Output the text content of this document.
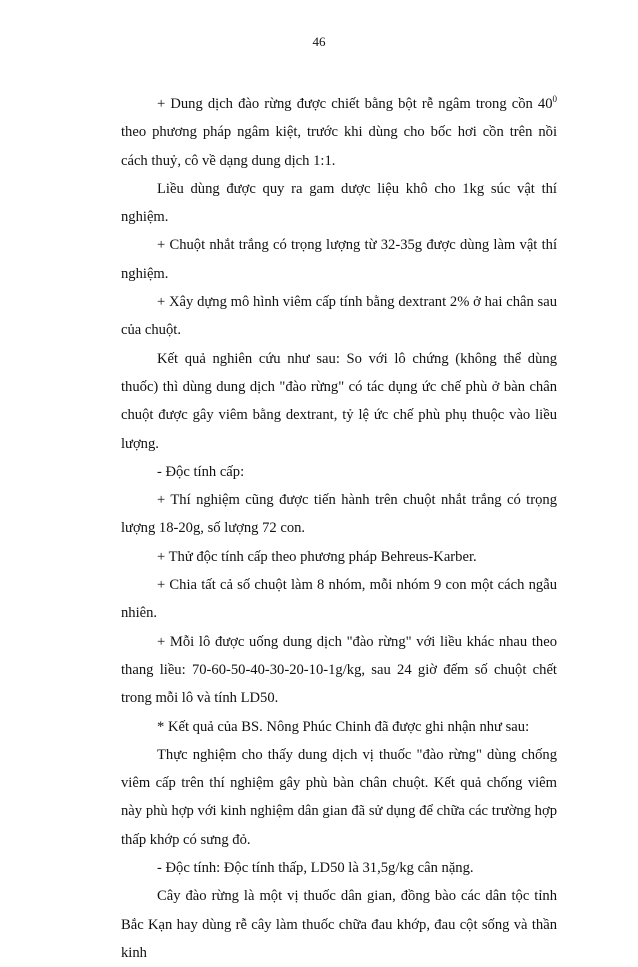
46

+ Dung dịch đào rừng được chiết bằng bột rễ ngâm trong cồn $40^0$ theo phương pháp ngâm kiệt, trước khi dùng cho bốc hơi cồn trên nồi cách thuỷ, cô về dạng dung dịch 1:1.

Liều dùng được quy ra gam dược liệu khô cho 1kg súc vật thí nghiệm.

+ Chuột nhắt trắng có trọng lượng từ 32-35g được dùng làm vật thí nghiệm.

+ Xây dựng mô hình viêm cấp tính bằng dextrant 2% ở hai chân sau của chuột.

Kết quả nghiên cứu như sau: So với lô chứng (không thể dùng thuốc) thì dùng dung dịch "đào rừng" có tác dụng ức chế phù ở bàn chân chuột được gây viêm bằng dextrant, tỷ lệ ức chế phù phụ thuộc vào liều lượng.

- Độc tính cấp:

+ Thí nghiệm cũng được tiến hành trên chuột nhắt trắng có trọng lượng 18-20g, số lượng 72 con.

+ Thử độc tính cấp theo phương pháp Behreus-Karber.

+ Chia tất cả số chuột làm 8 nhóm, mỗi nhóm 9 con một cách ngẫu nhiên.

+ Mỗi lô được uống dung dịch "đào rừng" với liều khác nhau theo thang liều: 70-60-50-40-30-20-10-1g/kg, sau 24 giờ đếm số chuột chết trong mỗi lô và tính LD50.

* Kết quả của BS. Nông Phúc Chinh đã được ghi nhận như sau:

Thực nghiệm cho thấy dung dịch vị thuốc "đào rừng" dùng chống viêm cấp trên thí nghiệm gây phù bàn chân chuột. Kết quả chống viêm này phù hợp với kinh nghiệm dân gian đã sử dụng để chữa các trường hợp thấp khớp có sưng đỏ.

- Độc tính: Độc tính thấp, LD50 là 31,5g/kg cân nặng.

Cây đào rừng là một vị thuốc dân gian, đồng bào các dân tộc tỉnh Bắc Kạn hay dùng rễ cây làm thuốc chữa đau khớp, đau cột sống và thần kinh
